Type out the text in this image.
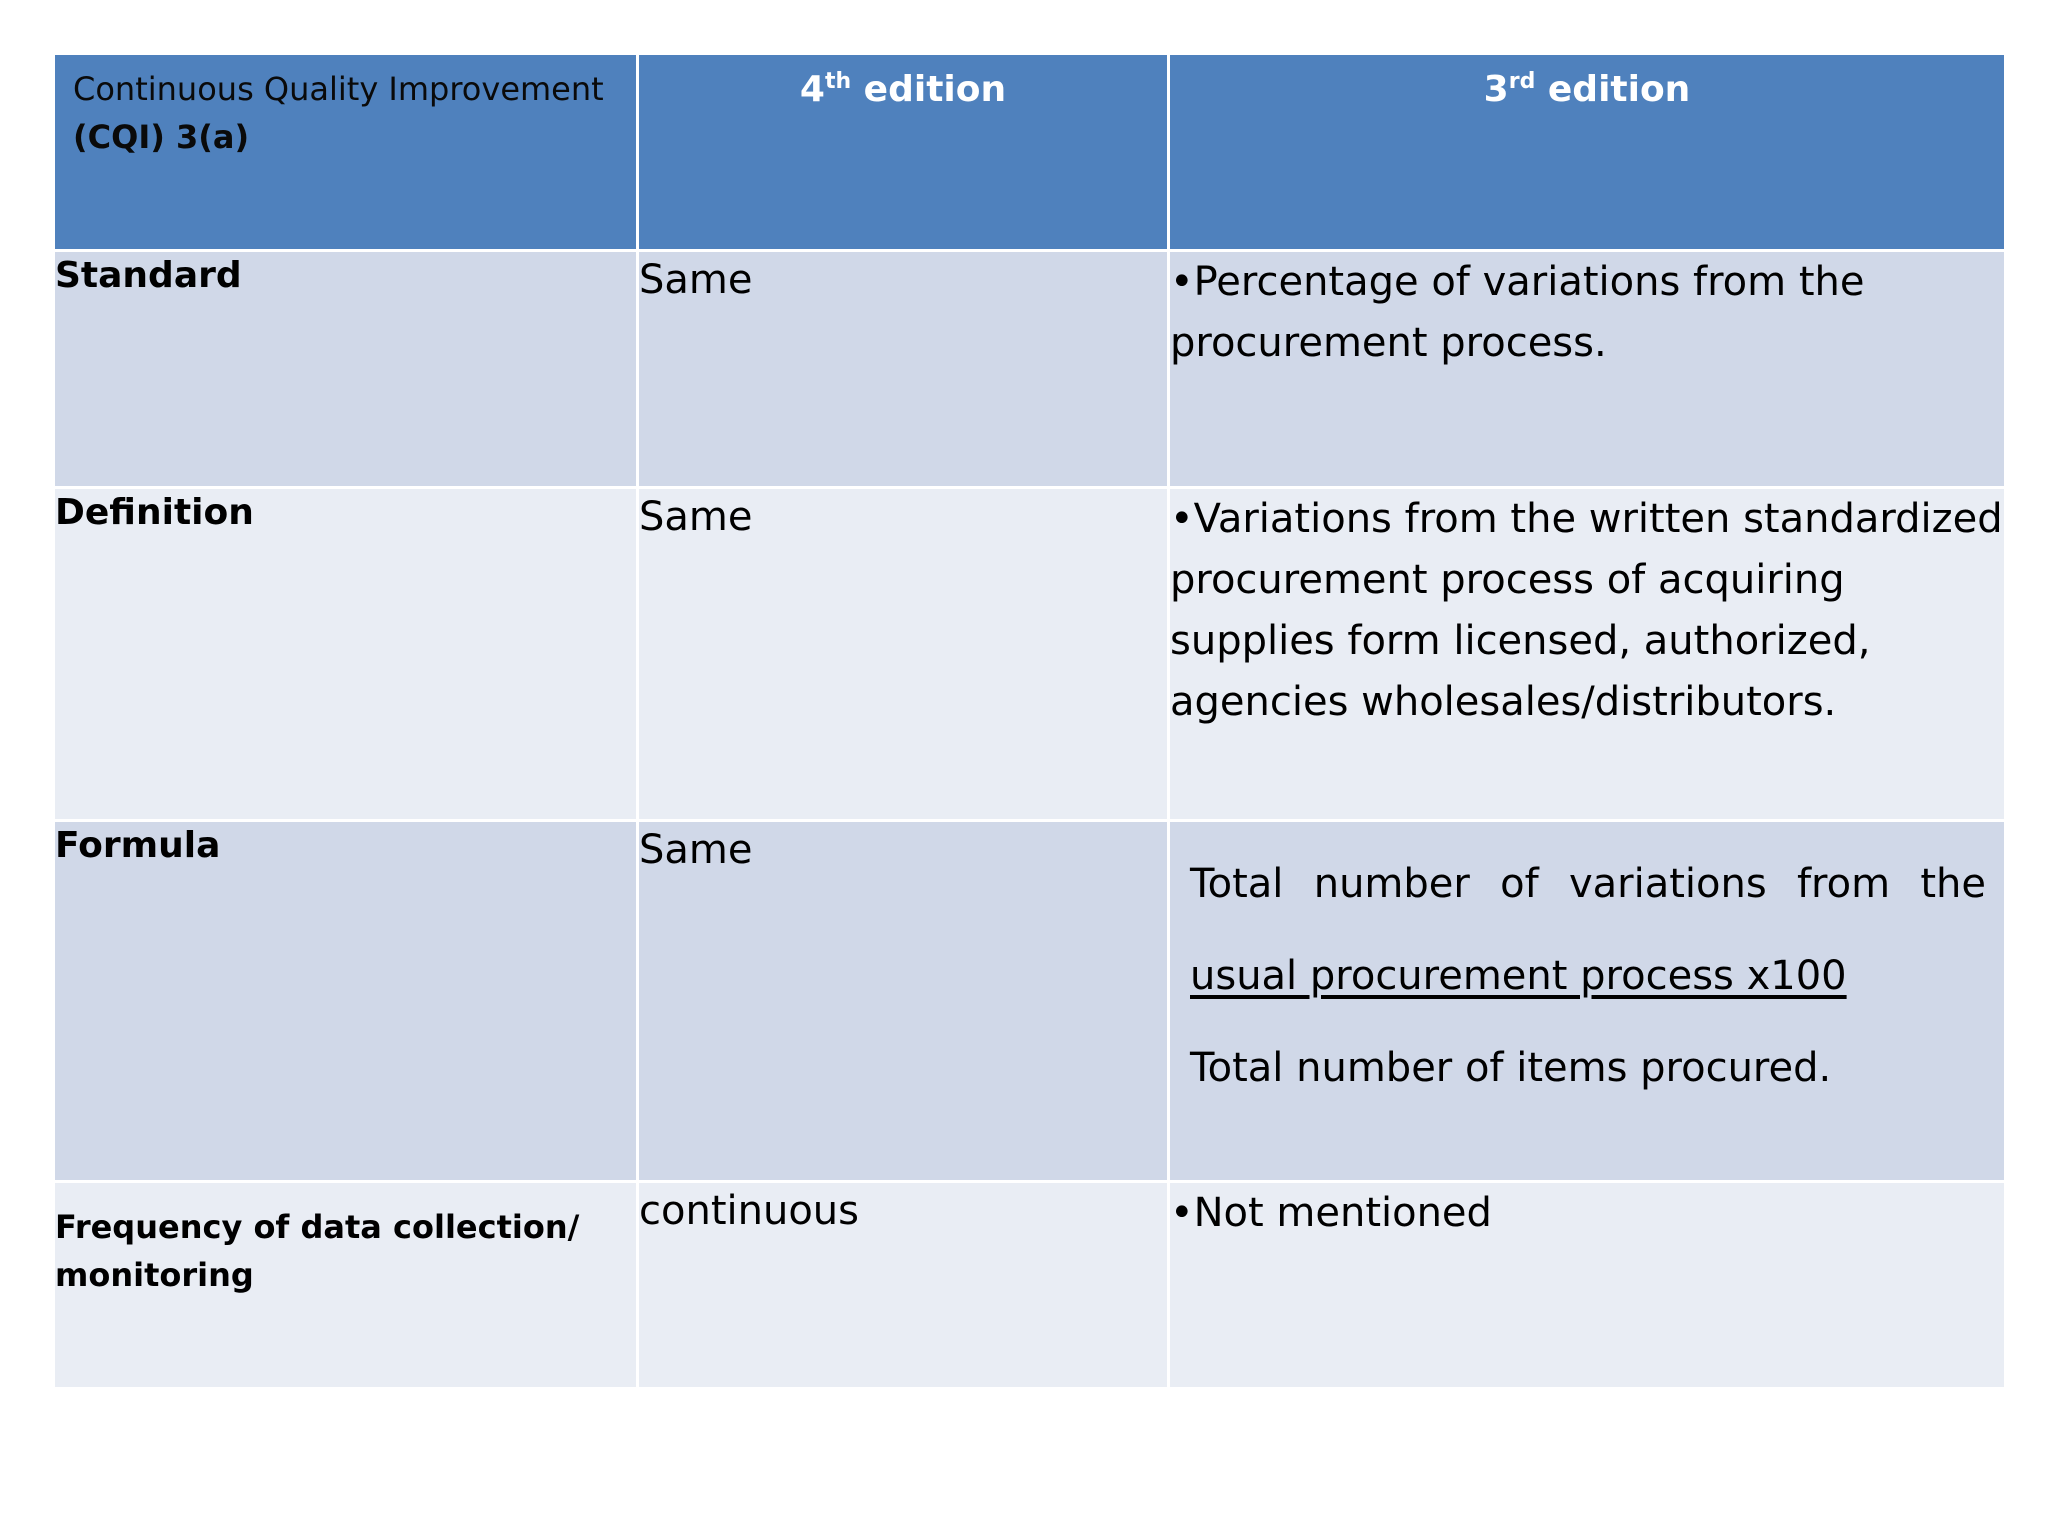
Continuous Quality Improvement
(CQI) 3(a)	4th edition	3rd edition
Standard	Same	•Percentage of variations from the procurement process.
Definition	Same	•Variations from the written standardized procurement process of acquiring supplies form licensed, authorized, agencies wholesales/distributors.
Formula	Same	Total number of variations from the
usual procurement process x100
Total number of items procured.

Frequency of data collection/
monitoring	continuous	•Not mentioned
